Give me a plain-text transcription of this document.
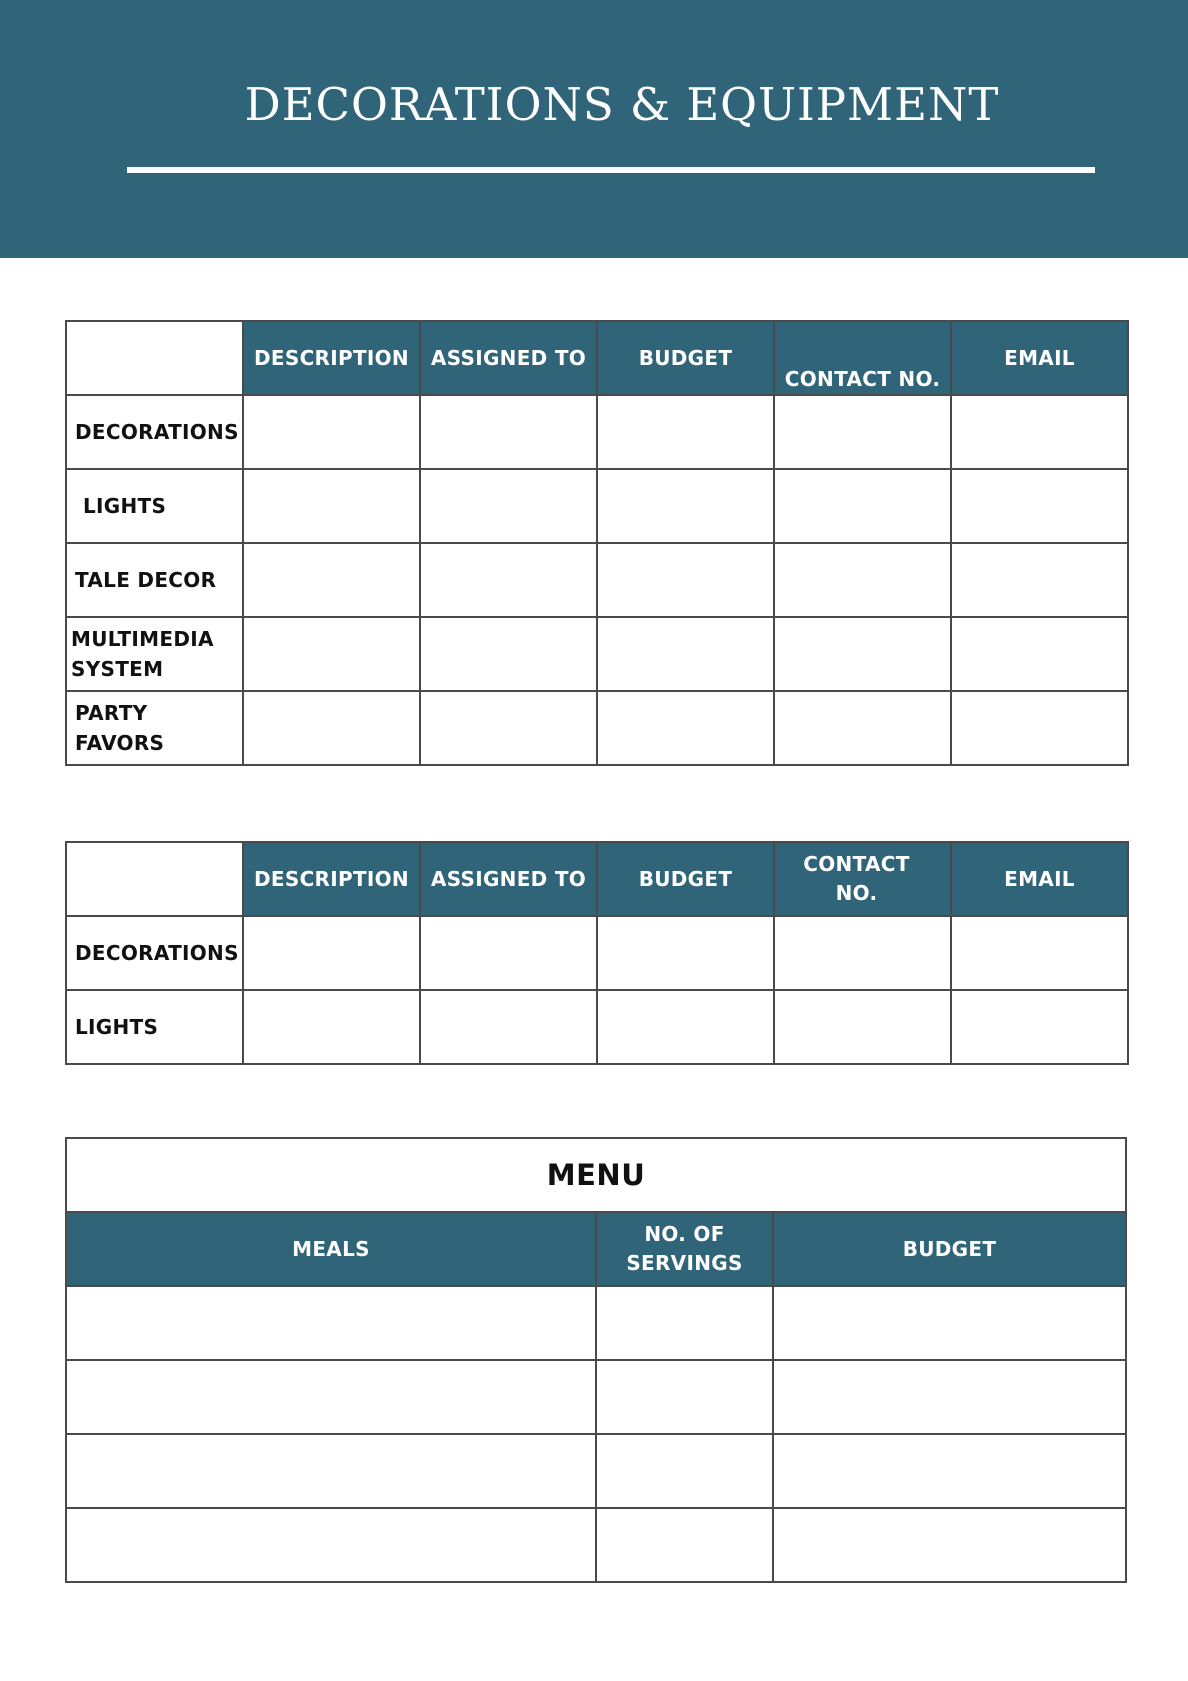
DECORATIONS & EQUIPMENT
	DESCRIPTION	ASSIGNED TO	BUDGET	CONTACT NO.	EMAIL
DECORATIONS					
LIGHTS					
TALE DECOR					
MULTIMEDIA SYSTEM					
PARTY FAVORS					
	DESCRIPTION	ASSIGNED TO	BUDGET	CONTACT NO.	EMAIL
DECORATIONS					
LIGHTS					
MENU		
MEALS	NO. OF SERVINGS	BUDGET
